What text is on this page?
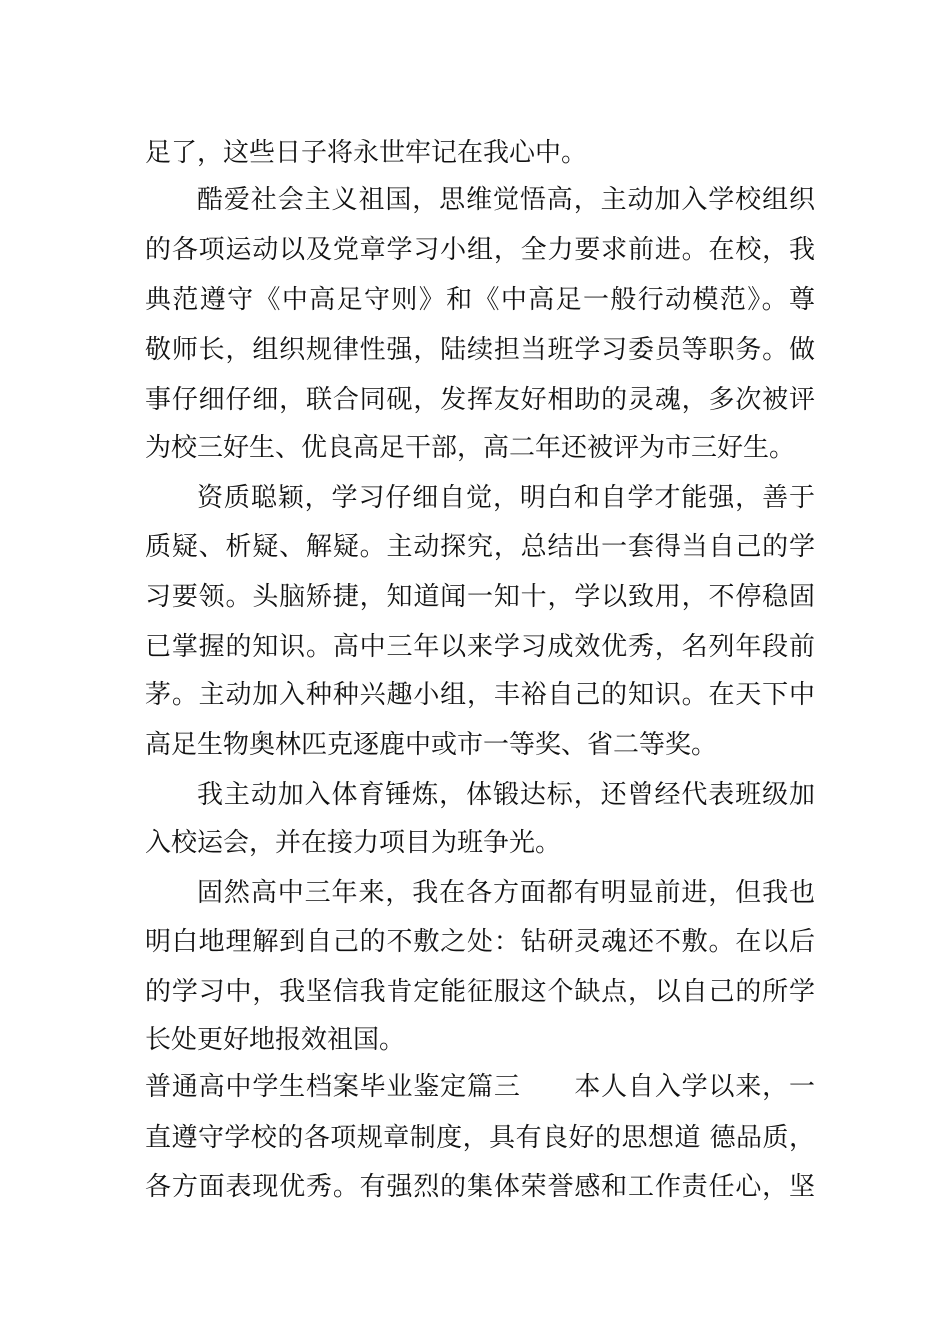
足了，这些日子将永世牢记在我心中。
酷爱社会主义祖国，思维觉悟高，主动加入学校组织
的各项运动以及党章学习小组，全力要求前进。在校，我
典范遵守《中高足守则》和《中高足一般行动模范》。尊
敬师长，组织规律性强，陆续担当班学习委员等职务。做
事仔细仔细，联合同砚，发挥友好相助的灵魂，多次被评
为校三好生、优良高足干部，高二年还被评为市三好生。
资质聪颖，学习仔细自觉，明白和自学才能强，善于
质疑、析疑、解疑。主动探究，总结出一套得当自己的学
习要领。头脑矫捷，知道闻一知十，学以致用，不停稳固
已掌握的知识。高中三年以来学习成效优秀，名列年段前
茅。主动加入种种兴趣小组，丰裕自己的知识。在天下中
高足生物奥林匹克逐鹿中或市一等奖、省二等奖。
我主动加入体育锤炼，体锻达标，还曾经代表班级加
入校运会，并在接力项目为班争光。
固然高中三年来，我在各方面都有明显前进，但我也
明白地理解到自己的不敷之处：钻研灵魂还不敷。在以后
的学习中，我坚信我肯定能征服这个缺点，以自己的所学
长处更好地报效祖国。
普通高中学生档案毕业鉴定篇三　　本人自入学以来，一
直遵守学校的各项规章制度，具有良好的思想道 德品质，
各方面表现优秀。有强烈的集体荣誉感和工作责任心，坚
